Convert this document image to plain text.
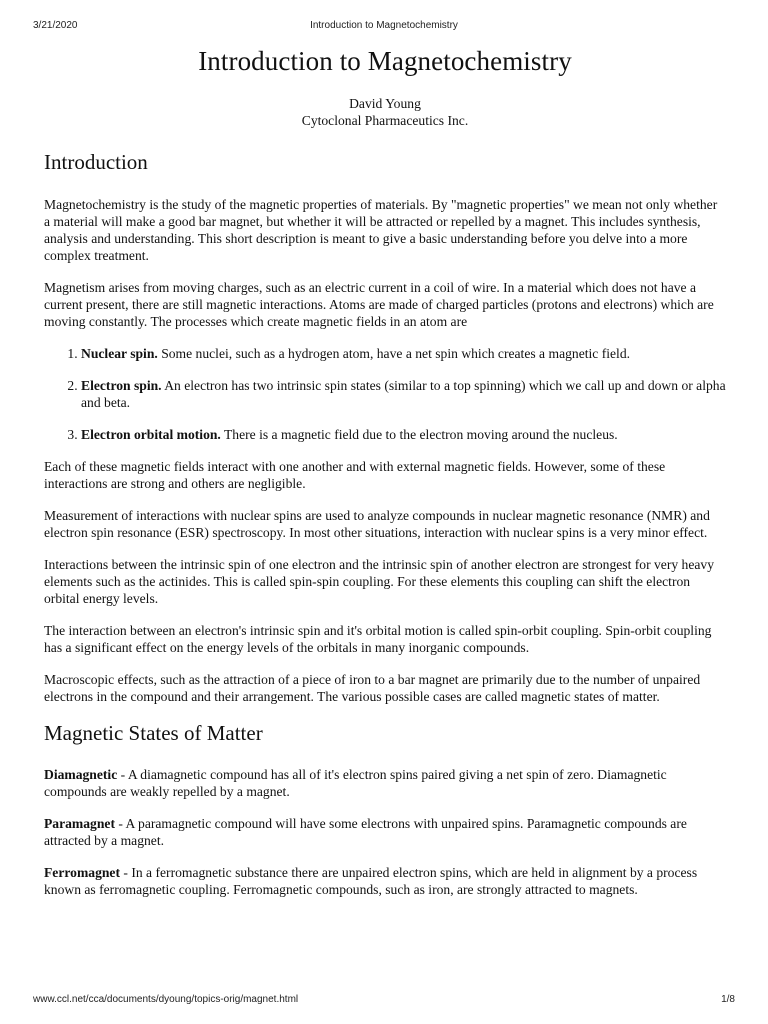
3/21/2020	Introduction to Magnetochemistry
Introduction to Magnetochemistry
David Young
Cytoclonal Pharmaceutics Inc.
Introduction

Magnetochemistry is the study of the magnetic properties of materials. By "magnetic properties" we mean not only whether a material will make a good bar magnet, but whether it will be attracted or repelled by a magnet. This includes synthesis, analysis and understanding. This short description is meant to give a basic understanding before you delve into a more complex treatment.

Magnetism arises from moving charges, such as an electric current in a coil of wire. In a material which does not have a current present, there are still magnetic interactions. Atoms are made of charged particles (protons and electrons) which are moving constantly. The processes which create magnetic fields in an atom are

1. Nuclear spin. Some nuclei, such as a hydrogen atom, have a net spin which creates a magnetic field.
2. Electron spin. An electron has two intrinsic spin states (similar to a top spinning) which we call up and down or alpha and beta.
3. Electron orbital motion. There is a magnetic field due to the electron moving around the nucleus.

Each of these magnetic fields interact with one another and with external magnetic fields. However, some of these interactions are strong and others are negligible.

Measurement of interactions with nuclear spins are used to analyze compounds in nuclear magnetic resonance (NMR) and electron spin resonance (ESR) spectroscopy. In most other situations, interaction with nuclear spins is a very minor effect.

Interactions between the intrinsic spin of one electron and the intrinsic spin of another electron are strongest for very heavy elements such as the actinides. This is called spin-spin coupling. For these elements this coupling can shift the electron orbital energy levels.

The interaction between an electron's intrinsic spin and it's orbital motion is called spin-orbit coupling. Spin-orbit coupling has a significant effect on the energy levels of the orbitals in many inorganic compounds.

Macroscopic effects, such as the attraction of a piece of iron to a bar magnet are primarily due to the number of unpaired electrons in the compound and their arrangement. The various possible cases are called magnetic states of matter.

Magnetic States of Matter

Diamagnetic - A diamagnetic compound has all of it's electron spins paired giving a net spin of zero. Diamagnetic compounds are weakly repelled by a magnet.

Paramagnet - A paramagnetic compound will have some electrons with unpaired spins. Paramagnetic compounds are attracted by a magnet.

Ferromagnet - In a ferromagnetic substance there are unpaired electron spins, which are held in alignment by a process known as ferromagnetic coupling. Ferromagnetic compounds, such as iron, are strongly attracted to magnets.

www.ccl.net/cca/documents/dyoung/topics-orig/magnet.html	1/8
